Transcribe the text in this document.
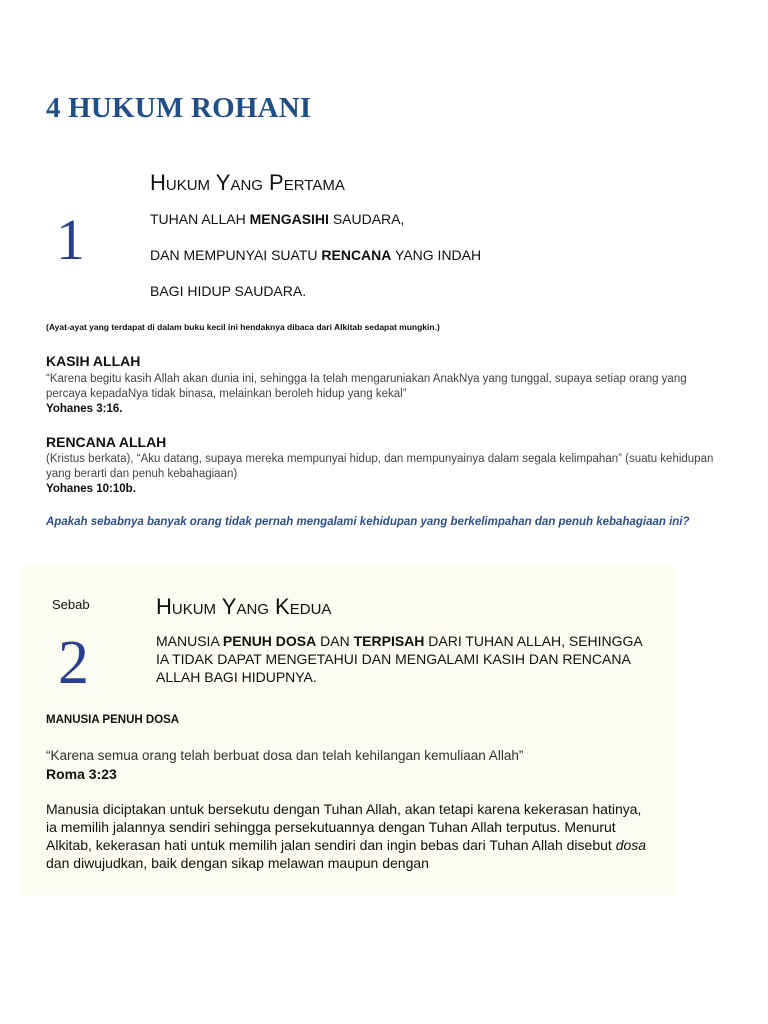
4 HUKUM ROHANI
1
Hukum Yang Pertama
TUHAN ALLAH MENGASIHI SAUDARA,
DAN MEMPUNYAI SUATU RENCANA YANG INDAH
BAGI HIDUP SAUDARA.
(Ayat-ayat yang terdapat di dalam buku kecil ini hendaknya dibaca dari Alkitab sedapat mungkin.)
KASIH ALLAH
“Karena begitu kasih Allah akan dunia ini, sehingga Ia telah mengaruniakan AnakNya yang tunggal, supaya setiap orang yang percaya kepadaNya tidak binasa, melainkan beroleh hidup yang kekal”
Yohanes 3:16.
RENCANA ALLAH
(Kristus berkata), “Aku datang, supaya mereka mempunyai hidup, dan mempunyainya dalam segala kelimpahan” (suatu kehidupan yang berarti dan penuh kebahagiaan)
Yohanes 10:10b.
Apakah sebabnya banyak orang tidak pernah mengalami kehidupan yang berkelimpahan dan penuh kebahagiaan ini?
Sebab
2
Hukum Yang Kedua
MANUSIA PENUH DOSA DAN TERPISAH DARI TUHAN ALLAH, SEHINGGA IA TIDAK DAPAT MENGETAHUI DAN MENGALAMI KASIH DAN RENCANA ALLAH BAGI HIDUPNYA.
MANUSIA PENUH DOSA
“Karena semua orang telah berbuat dosa dan telah kehilangan kemuliaan Allah”
Roma 3:23
Manusia diciptakan untuk bersekutu dengan Tuhan Allah, akan tetapi karena kekerasan hatinya, ia memilih jalannya sendiri sehingga persekutuannya dengan Tuhan Allah terputus. Menurut Alkitab, kekerasan hati untuk memilih jalan sendiri dan ingin bebas dari Tuhan Allah disebut dosa dan diwujudkan, baik dengan sikap melawan maupun dengan
